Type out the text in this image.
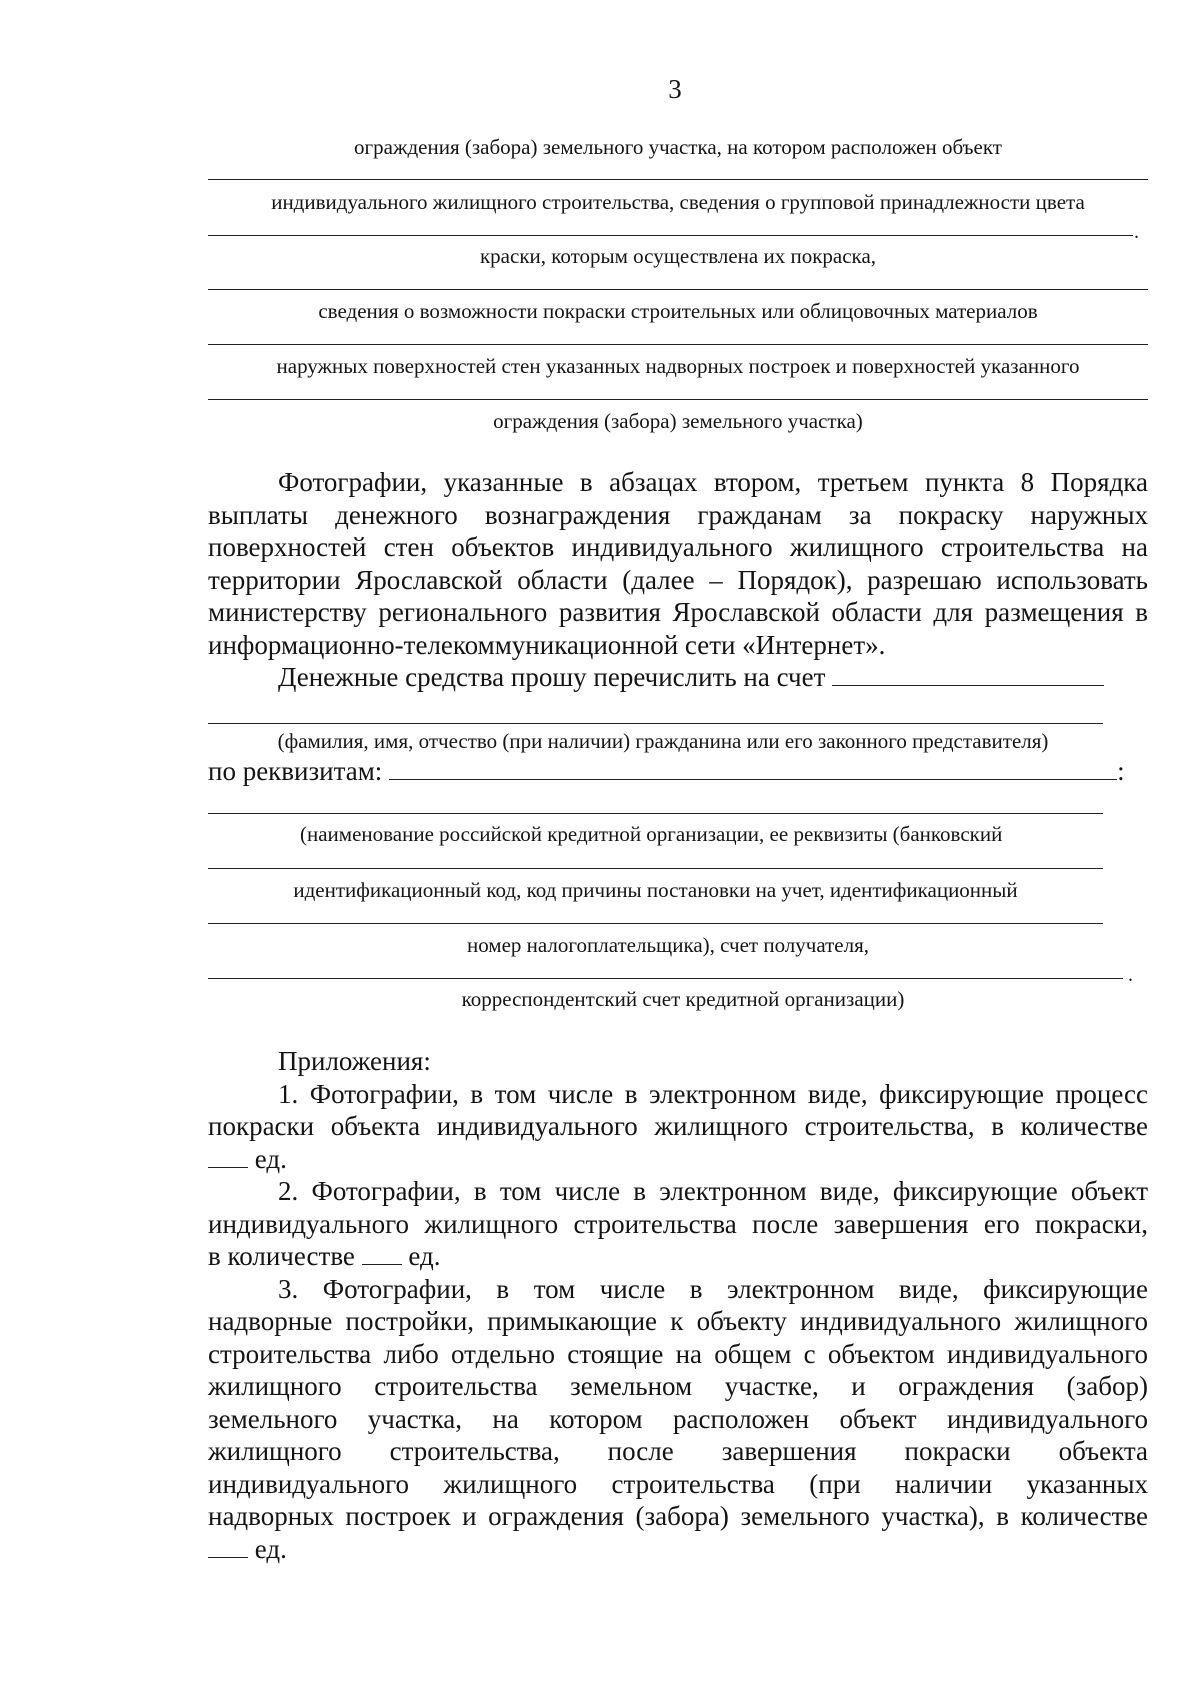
3
ограждения (забора) земельного участка, на котором расположен объект
индивидуального жилищного строительства, сведения о групповой принадлежности цвета
.
краски, которым осуществлена их покраска,
сведения о возможности покраски строительных или облицовочных материалов
наружных поверхностей стен указанных надворных построек и поверхностей указанного
ограждения (забора) земельного участка)
Фотографии, указанные в абзацах втором, третьем пункта 8 Порядка
выплаты денежного вознаграждения гражданам за покраску наружных
поверхностей стен объектов индивидуального жилищного строительства на
территории Ярославской области (далее – Порядок), разрешаю использовать
министерству регионального развития Ярославской области для размещения в
информационно-телекоммуникационной сети «Интернет».
Денежные средства прошу перечислить на счет
(фамилия, имя, отчество (при наличии) гражданина или его законного представителя)
по реквизитам:	:
(наименование российской кредитной организации, ее реквизиты (банковский
идентификационный код, код причины постановки на учет, идентификационный
номер налогоплательщика), счет получателя,
.
корреспондентский счет кредитной организации)
Приложения:
1. Фотографии, в том числе в электронном виде, фиксирующие процесс
покраски объекта индивидуального жилищного строительства, в количестве
ед.
2. Фотографии, в том числе в электронном виде, фиксирующие объект
индивидуального жилищного строительства после завершения его покраски,
в количестве ед.
3. Фотографии, в том числе в электронном виде, фиксирующие
надворные постройки, примыкающие к объекту индивидуального жилищного
строительства либо отдельно стоящие на общем с объектом индивидуального
жилищного строительства земельном участке, и ограждения (забор)
земельного участка, на котором расположен объект индивидуального
жилищного строительства, после завершения покраски объекта
индивидуального жилищного строительства (при наличии указанных
надворных построек и ограждения (забора) земельного участка), в количестве
ед.
